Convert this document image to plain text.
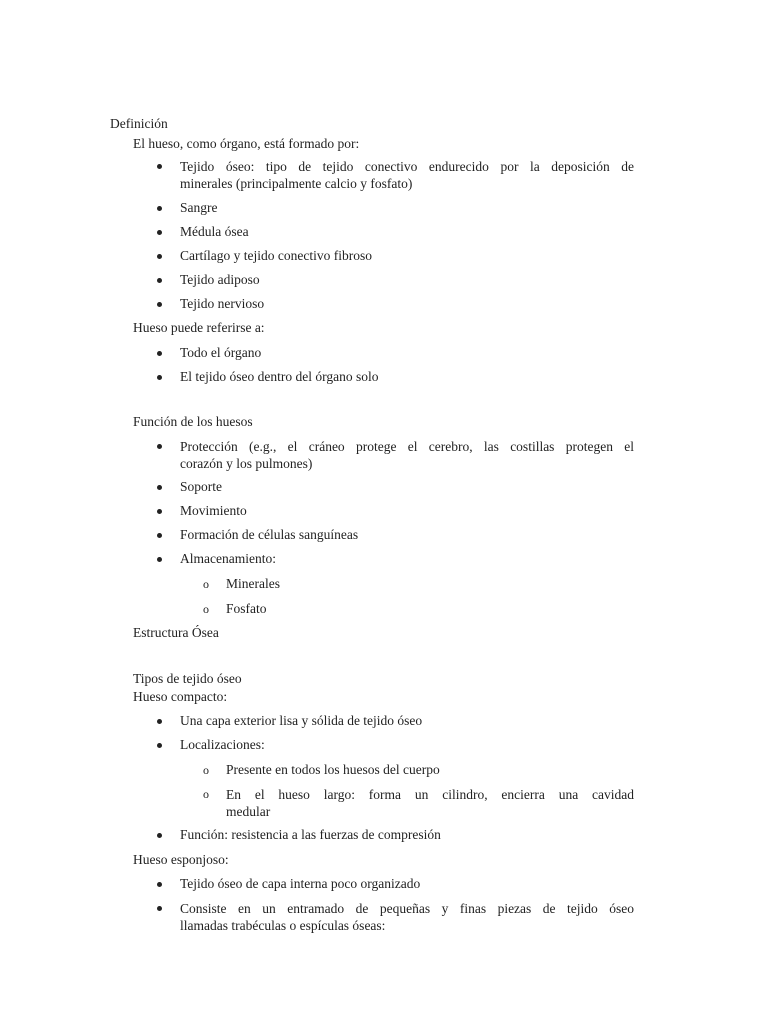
Definición
El hueso, como órgano, está formado por:
Tejido óseo: tipo de tejido conectivo endurecido por la deposición de
minerales (principalmente calcio y fosfato)
Sangre
Médula ósea
Cartílago y tejido conectivo fibroso
Tejido adiposo
Tejido nervioso
Hueso puede referirse a:
Todo el órgano
El tejido óseo dentro del órgano solo
Función de los huesos
Protección (e.g., el cráneo protege el cerebro, las costillas protegen el
corazón y los pulmones)
Soporte
Movimiento
Formación de células sanguíneas
Almacenamiento:
o Minerales
o Fosfato
Estructura Ósea
Tipos de tejido óseo
Hueso compacto:
Una capa exterior lisa y sólida de tejido óseo
Localizaciones:
o Presente en todos los huesos del cuerpo
o En el hueso largo: forma un cilindro, encierra una cavidad
medular
Función: resistencia a las fuerzas de compresión
Hueso esponjoso:
Tejido óseo de capa interna poco organizado
Consiste en un entramado de pequeñas y finas piezas de tejido óseo
llamadas trabéculas o espículas óseas:
